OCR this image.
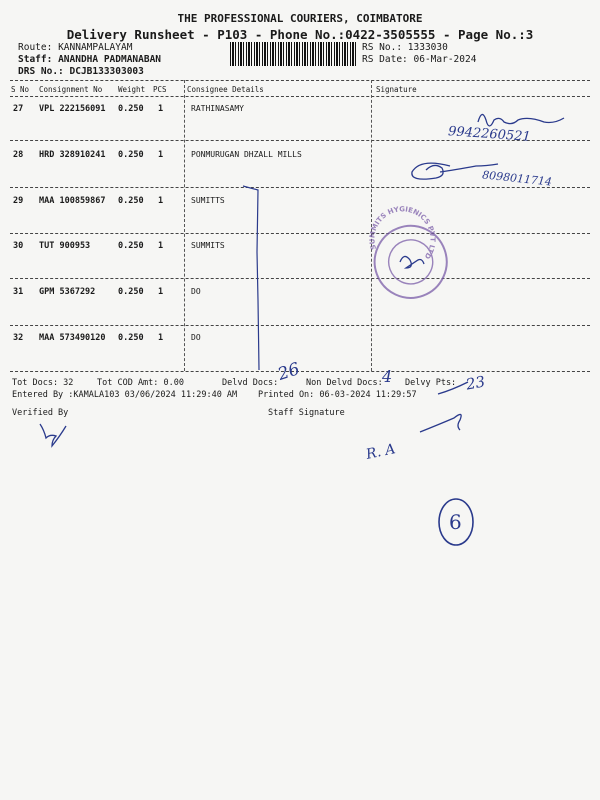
THE PROFESSIONAL COURIERS, COIMBATORE
Delivery Runsheet - P103 - Phone No.:0422-3505555 - Page No.:3
Route: KANNAMPALAYAM
Staff: ANANDHA PADMANABAN
DRS No.: DCJB133303003
RS No.: 1333030
RS Date: 06-Mar-2024
S No Consignment No Weight PCS	Consignee Details	Signature
27 VPL 222156091 0.250 1	RATHINASAMY
28 HRD 328910241 0.250 1	PONMURUGAN DHZALL MILLS
29 MAA 100859867 0.250 1	SUMITTS
30 TUT 900953	0.250 1	SUMMITS
31 GPM 5367292	0.250 1	DO
32 MAA 573490120 0.250 1	DO
Tot Docs: 32	Tot COD Amt: 0.00	Delvd Docs:	Non Delvd Docs:	Delvy Pts:
Entered By :KAMALA103 03/06/2024 11:29:40 AM Printed On: 06-03-2024 11:29:57
Verified By	Staff Signature
9942260521
8098011714
26	4	23
R. A
6
SUMMITS HYGIENICS PVT LTD
